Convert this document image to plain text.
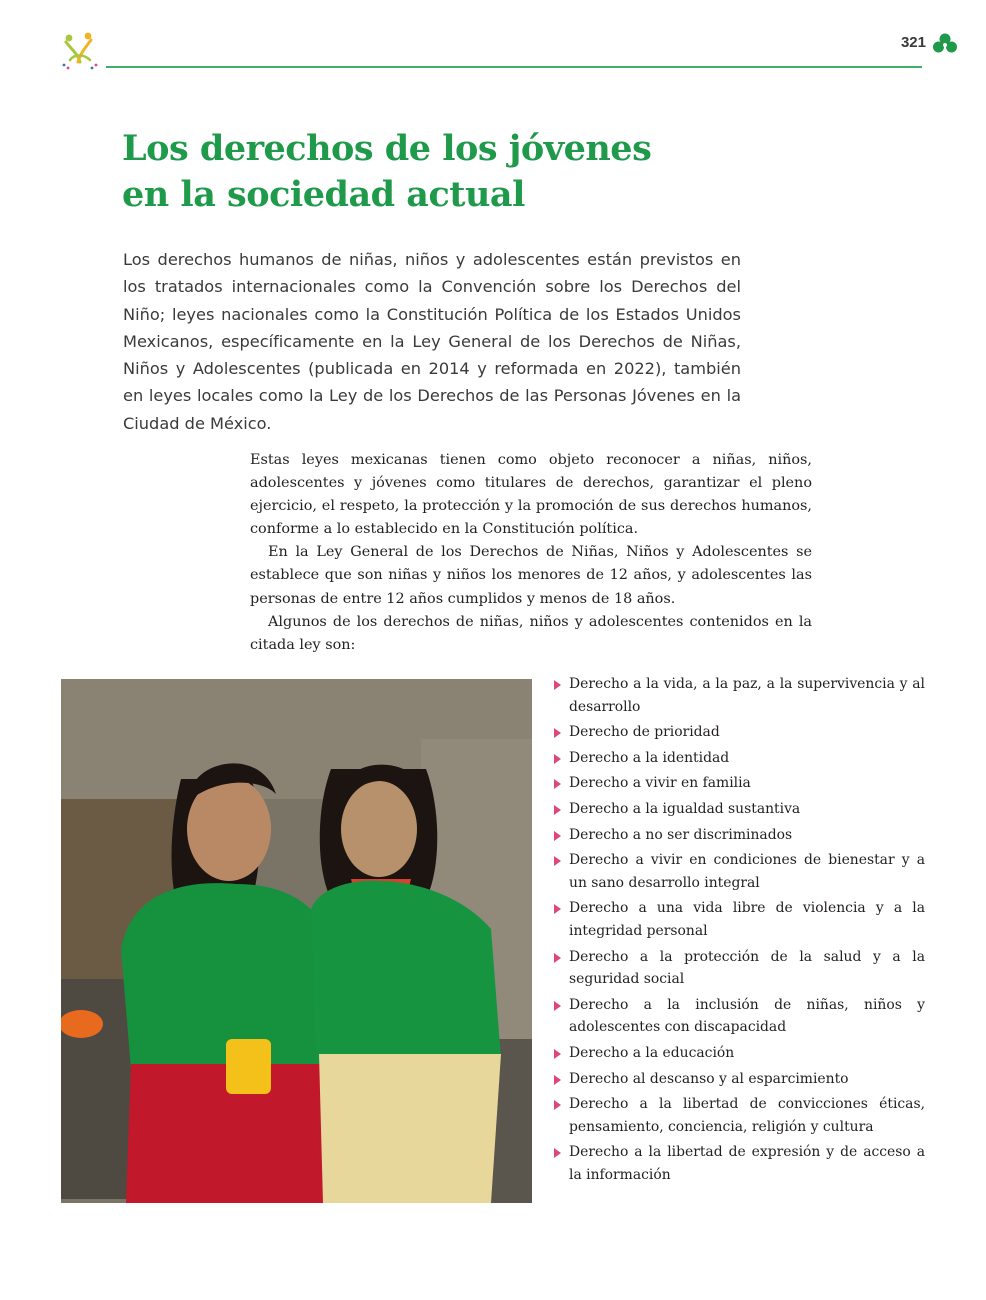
321
Los derechos de los jóvenes
en la sociedad actual

Los derechos humanos de niñas, niños y adolescentes están previstos en los tratados internacionales como la Convención sobre los Derechos del Niño; leyes nacionales como la Constitución Política de los Estados Unidos Mexicanos, específicamente en la Ley General de los Derechos de Niñas, Niños y Adolescentes (publicada en 2014 y reformada en 2022), también en leyes locales como la Ley de los Derechos de las Personas Jóvenes en la Ciudad de México.

Estas leyes mexicanas tienen como objeto reconocer a niñas, niños, adolescentes y jóvenes como titulares de derechos, garantizar el pleno ejercicio, el respeto, la protección y la promoción de sus derechos humanos, conforme a lo establecido en la Constitución política.

En la Ley General de los Derechos de Niñas, Niños y Adolescentes se establece que son niñas y niños los menores de 12 años, y adolescentes las personas de entre 12 años cumplidos y menos de 18 años.

Algunos de los derechos de niñas, niños y adolescentes contenidos en la citada ley son:

Derecho a la vida, a la paz, a la supervivencia y al desarrollo
Derecho de prioridad
Derecho a la identidad
Derecho a vivir en familia
Derecho a la igualdad sustantiva
Derecho a no ser discriminados
Derecho a vivir en condiciones de bienestar y a un sano desarrollo integral
Derecho a una vida libre de violencia y a la integridad personal
Derecho a la protección de la salud y a la seguridad social
Derecho a la inclusión de niñas, niños y adolescentes con discapacidad
Derecho a la educación
Derecho al descanso y al esparcimiento
Derecho a la libertad de convicciones éticas, pensamiento, conciencia, religión y cultura
Derecho a la libertad de expresión y de acceso a la información
